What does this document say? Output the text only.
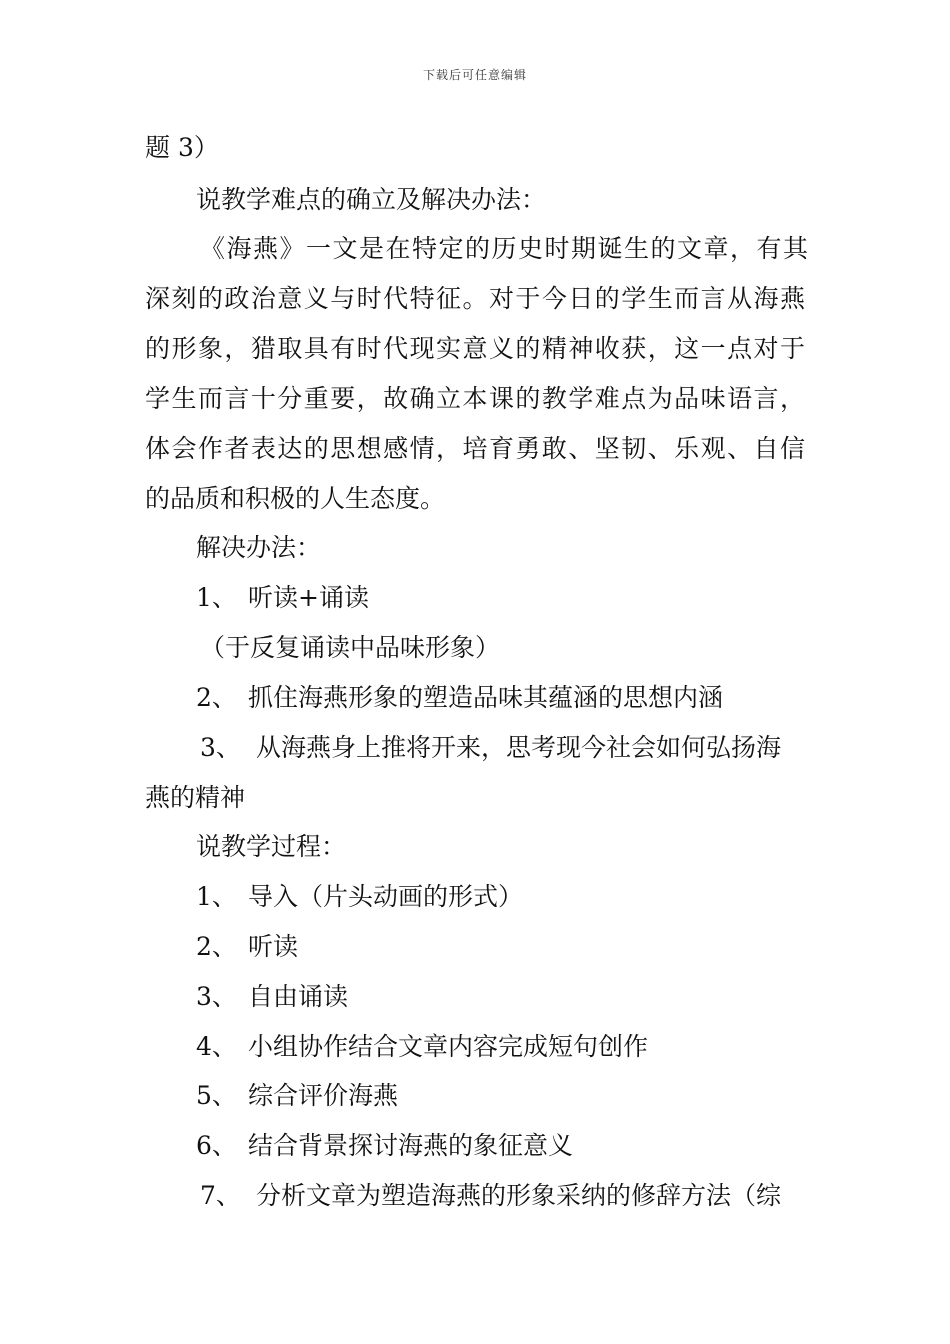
下载后可任意编辑
题 3）
说教学难点的确立及解决办法：
《海燕》一文是在特定的历史时期诞生的文章，有其
深刻的政治意义与时代特征。对于今日的学生而言从海燕
的形象，猎取具有时代现实意义的精神收获，这一点对于
学生而言十分重要，故确立本课的教学难点为品味语言，
体会作者表达的思想感情，培育勇敢、坚韧、乐观、自信
的品质和积极的人生态度。
解决办法：
1、 听读+诵读
（于反复诵读中品味形象）
2、 抓住海燕形象的塑造品味其蕴涵的思想内涵
3、 从海燕身上推将开来，思考现今社会如何弘扬海
燕的精神
说教学过程：
1、 导入（片头动画的形式）
2、 听读
3、 自由诵读
4、 小组协作结合文章内容完成短句创作
5、 综合评价海燕
6、 结合背景探讨海燕的象征意义
7、 分析文章为塑造海燕的形象采纳的修辞方法（综
